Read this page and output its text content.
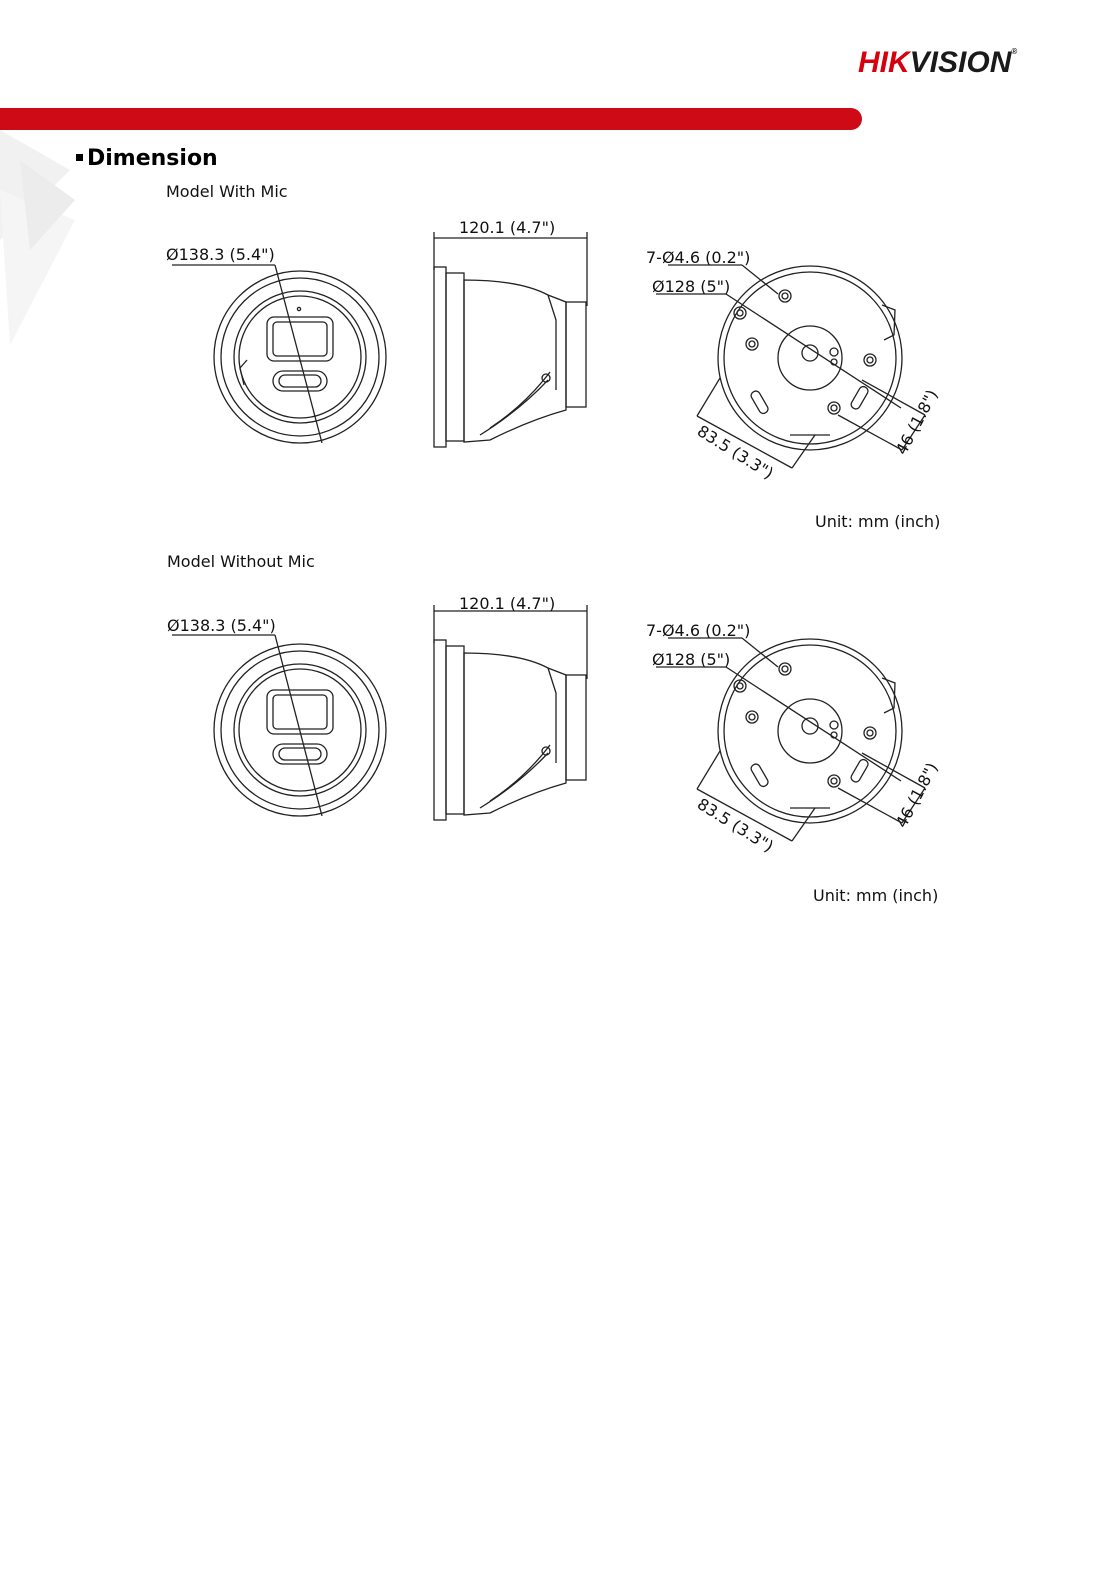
HIKVISION®
Dimension
Model With Mic
Ø138.3 (5.4")
120.1 (4.7")
7-Ø4.6 (0.2")
Ø128 (5")
83.5 (3.3")	46 (1.8")
Unit: mm (inch)
Model Without Mic
Ø138.3 (5.4")
120.1 (4.7")
7-Ø4.6 (0.2")
Ø128 (5")
83.5 (3.3")	46 (1.8")
Unit: mm (inch)
